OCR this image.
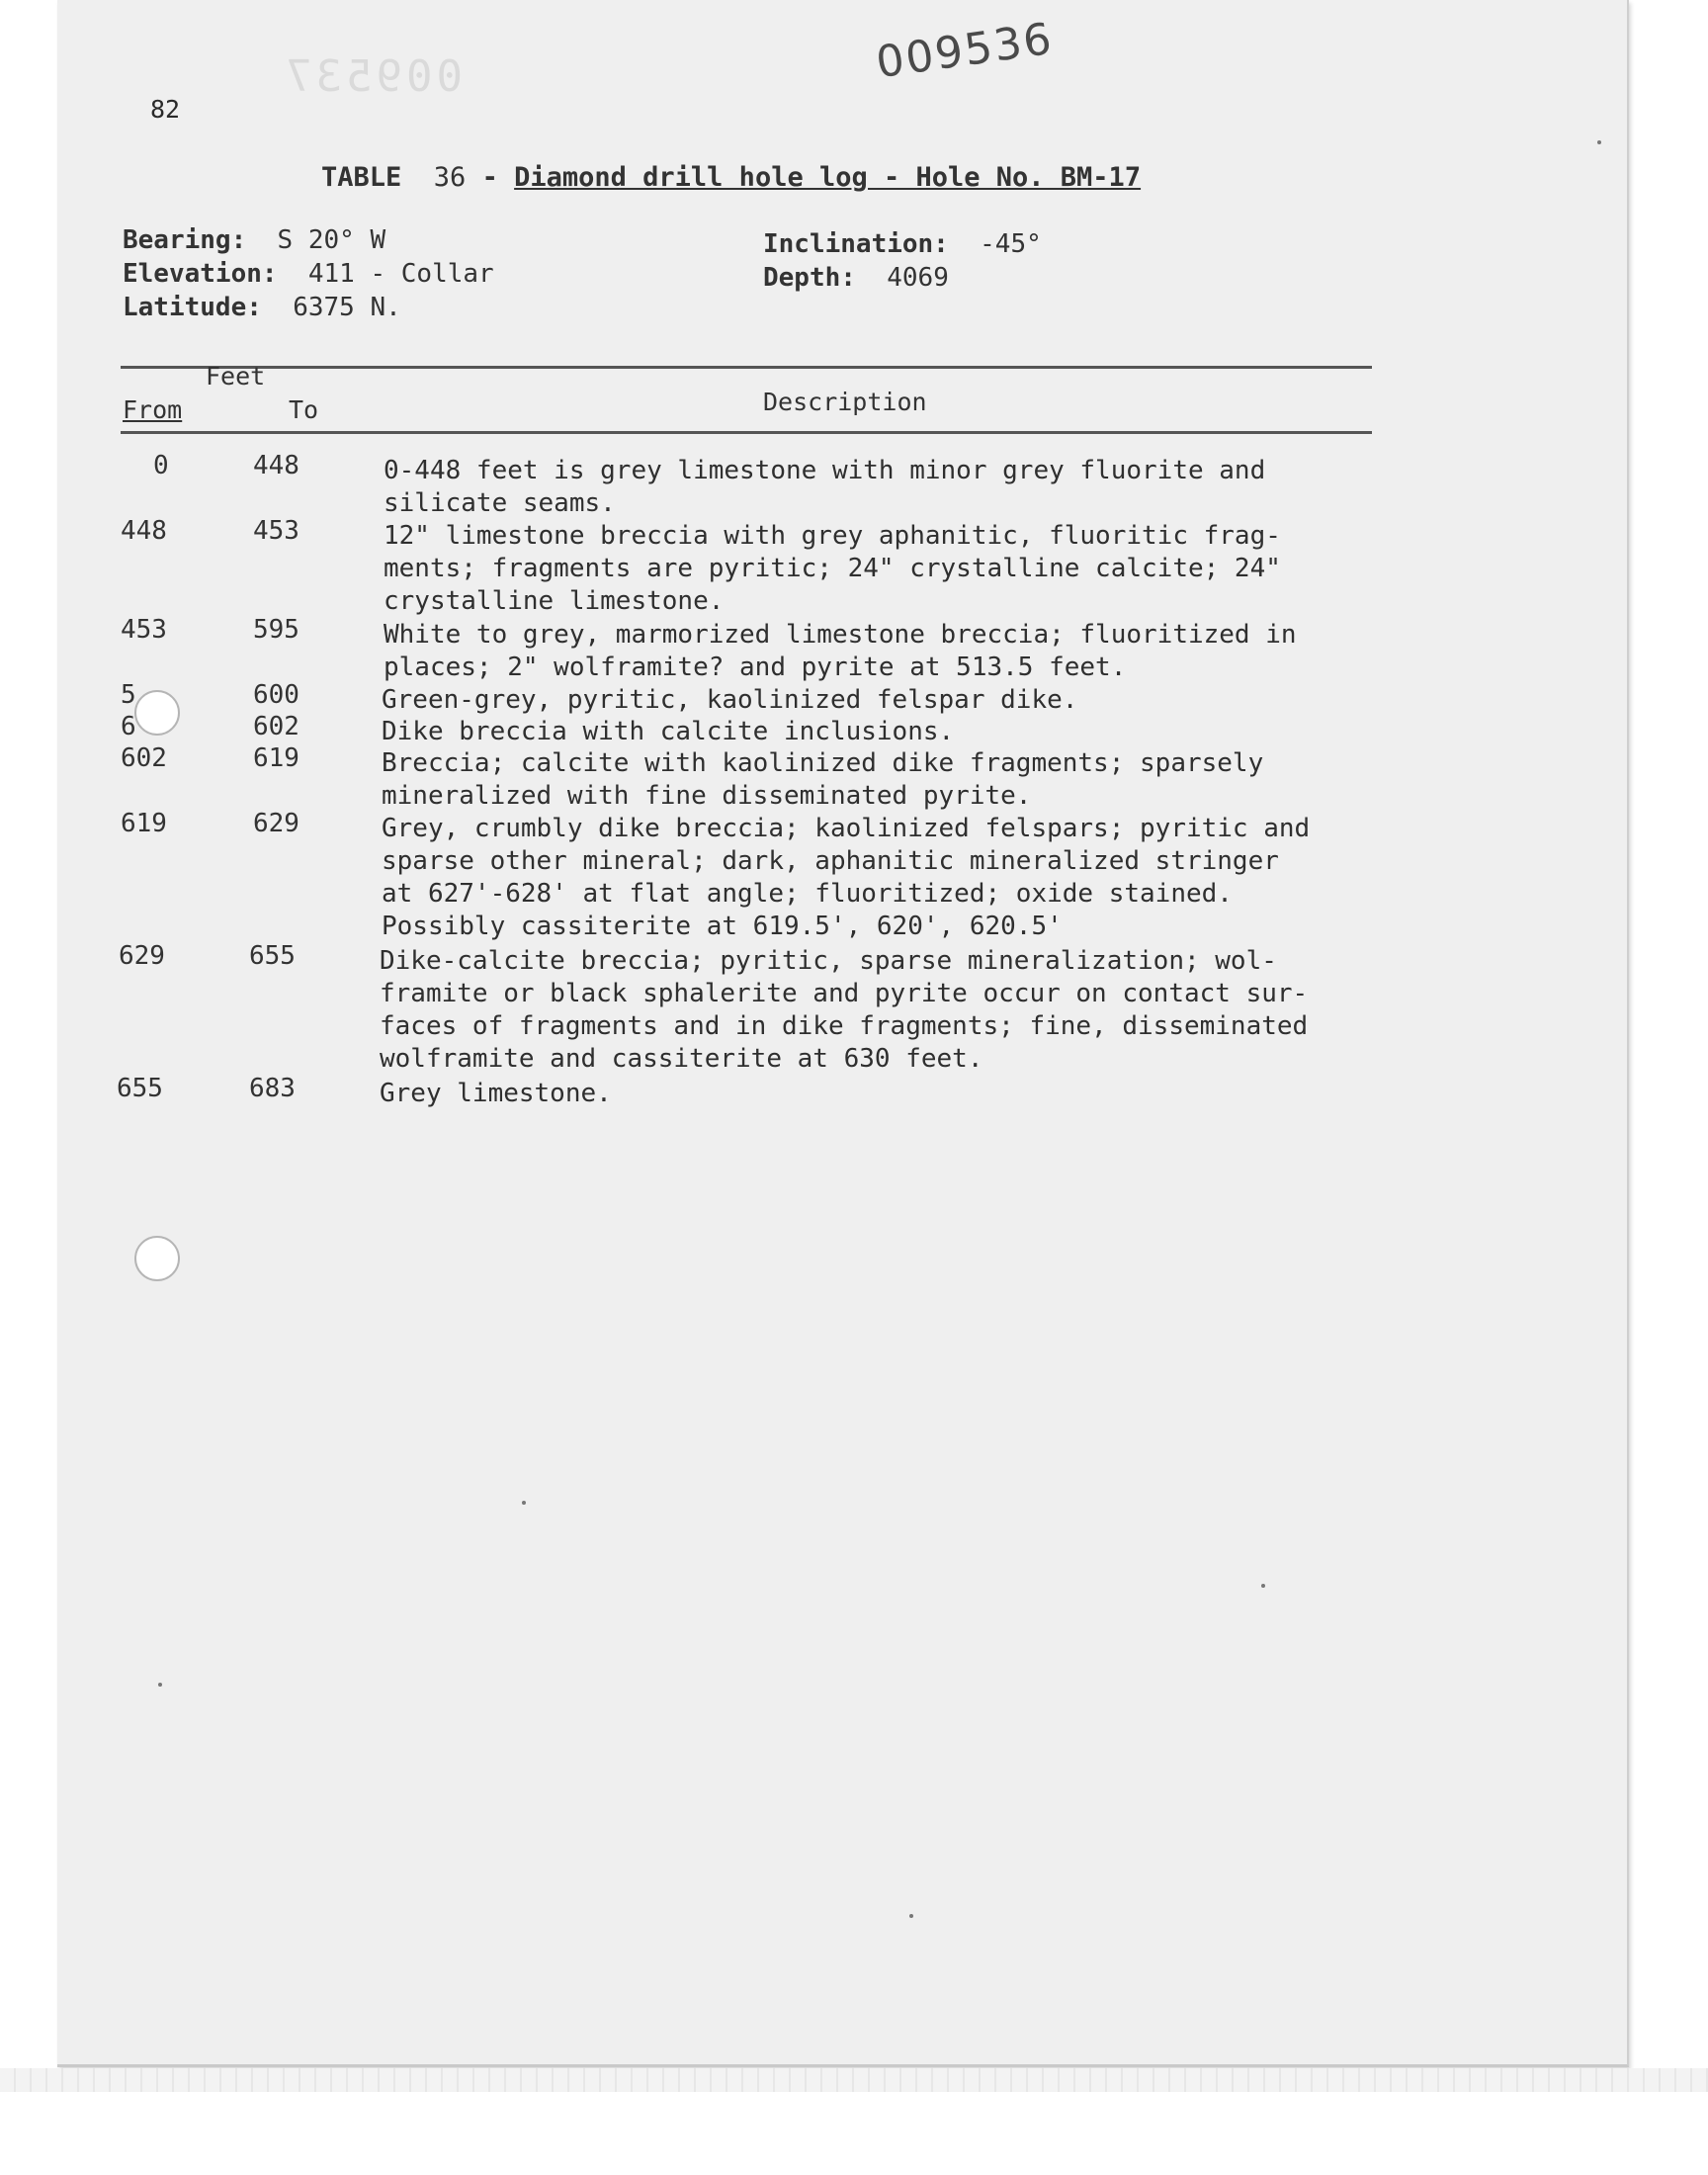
009537	009536
82
TABLE 36 - Diamond drill hole log - Hole No. BM-17
Bearing: S 20° W
Elevation: 411 - Collar
Latitude: 6375 N.
Inclination: -45°
Depth: 4069
Feet
From	To	Description
0	448	0-448 feet is grey limestone with minor grey fluorite and
silicate seams.
448	453	12" limestone breccia with grey aphanitic, fluoritic frag-
ments; fragments are pyritic; 24" crystalline calcite; 24"
crystalline limestone.
453	595	White to grey, marmorized limestone breccia; fluoritized in
places; 2" wolframite? and pyrite at 513.5 feet.
5	600	Green-grey, pyritic, kaolinized felspar dike.
6	602	Dike breccia with calcite inclusions.
602	619	Breccia; calcite with kaolinized dike fragments; sparsely
mineralized with fine disseminated pyrite.
619	629	Grey, crumbly dike breccia; kaolinized felspars; pyritic and
sparse other mineral; dark, aphanitic mineralized stringer
at 627'-628' at flat angle; fluoritized; oxide stained.
Possibly cassiterite at 619.5', 620', 620.5'
629	655	Dike-calcite breccia; pyritic, sparse mineralization; wol-
framite or black sphalerite and pyrite occur on contact sur-
faces of fragments and in dike fragments; fine, disseminated
wolframite and cassiterite at 630 feet.
655	683	Grey limestone.
